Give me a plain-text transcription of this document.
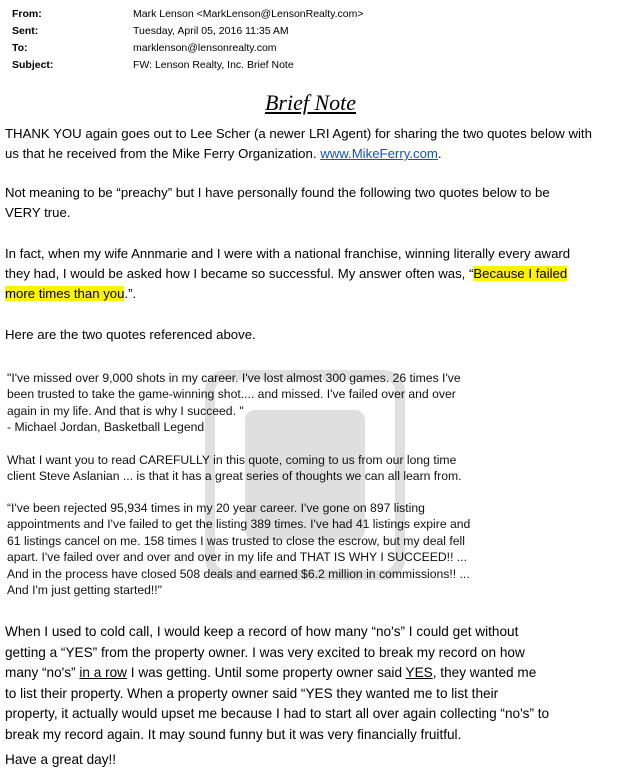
From:	Mark Lenson <MarkLenson@LensonRealty.com>
Sent:	Tuesday, April 05, 2016 11:35 AM
To:	marklenson@lensonrealty.com
Subject:	FW: Lenson Realty, Inc. Brief Note
Brief Note
THANK YOU again goes out to Lee Scher (a newer LRI Agent) for sharing the two quotes below with
us that he received from the Mike Ferry Organization. www.MikeFerry.com.
Not meaning to be “preachy” but I have personally found the following two quotes below to be
VERY true.
In fact, when my wife Annmarie and I were with a national franchise, winning literally every award
they had, I would be asked how I became so successful. My answer often was, “Because I failed
more times than you.”.
Here are the two quotes referenced above.
"I've missed over 9,000 shots in my career. I've lost almost 300 games. 26 times I've
been trusted to take the game-winning shot.... and missed. I've failed over and over
again in my life. And that is why I succeed. "
- Michael Jordan, Basketball Legend
What I want you to read CAREFULLY in this quote, coming to us from our long time
client Steve Aslanian ... is that it has a great series of thoughts we can all learn from.
“I've been rejected 95,934 times in my 20 year career. I've gone on 897 listing
appointments and I've failed to get the listing 389 times. I've had 41 listings expire and
61 listings cancel on me. 158 times I was trusted to close the escrow, but my deal fell
apart. I've failed over and over and over in my life and THAT IS WHY I SUCCEED!! ...
And in the process have closed 508 deals and earned $6.2 million in commissions!! ...
And I'm just getting started!!"
When I used to cold call, I would keep a record of how many “no's” I could get without
getting a “YES” from the property owner. I was very excited to break my record on how
many “no's” in a row I was getting. Until some property owner said YES, they wanted me
to list their property. When a property owner said “YES they wanted me to list their
property, it actually would upset me because I had to start all over again collecting “no's” to
break my record again. It may sound funny but it was very financially fruitful.
Have a great day!!
